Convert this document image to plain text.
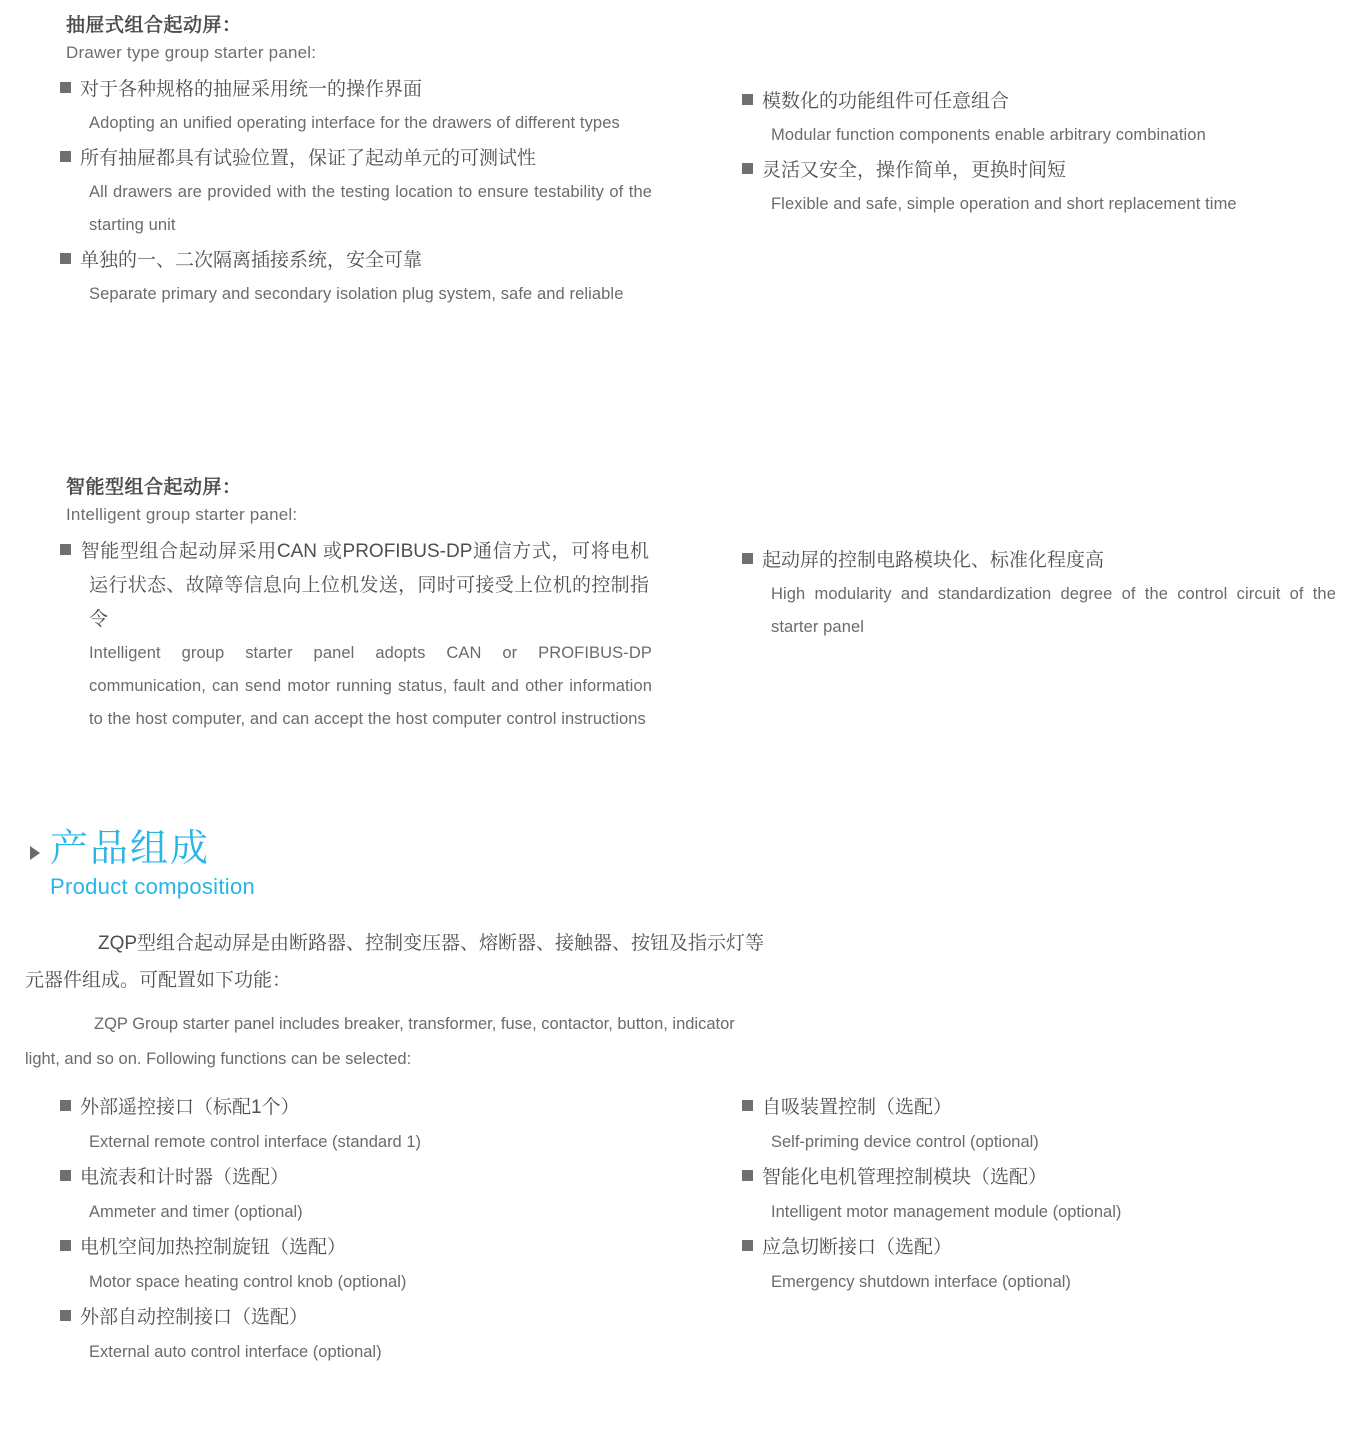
抽屉式组合起动屏：
Drawer type group starter panel:

对于各种规格的抽屉采用统一的操作界面

Adopting an unified operating interface for the drawers of different types

所有抽屉都具有试验位置，保证了起动单元的可测试性

All drawers are provided with the testing location to ensure testability of the starting unit

单独的一、二次隔离插接系统，安全可靠

Separate primary and secondary isolation plug system, safe and reliable

模数化的功能组件可任意组合

Modular function components enable arbitrary combination

灵活又安全，操作简单，更换时间短

Flexible and safe, simple operation and short replacement time

智能型组合起动屏：
Intelligent group starter panel:

智能型组合起动屏采用CAN 或PROFIBUS-DP通信方式，可将电机运行状态、故障等信息向上位机发送，同时可接受上位机的控制指令

Intelligent group starter panel adopts CAN or PROFIBUS-DP communication, can send motor running status, fault and other information to the host computer, and can accept the host computer control instructions

起动屏的控制电路模块化、标准化程度高

High modularity and standardization degree of the control circuit of the starter panel

产品组成
Product composition

ZQP型组合起动屏是由断路器、控制变压器、熔断器、接触器、按钮及指示灯等

元器件组成。可配置如下功能：

ZQP Group starter panel includes breaker, transformer, fuse, contactor, button, indicator

light, and so on. Following functions can be selected:

外部遥控接口（标配1个）

External remote control interface (standard 1)

电流表和计时器（选配）

Ammeter and timer (optional)

电机空间加热控制旋钮（选配）

Motor space heating control knob (optional)

外部自动控制接口（选配）

External auto control interface (optional)

自吸装置控制（选配）

Self-priming device control (optional)

智能化电机管理控制模块（选配）

Intelligent motor management module (optional)

应急切断接口（选配）

Emergency shutdown interface (optional)
